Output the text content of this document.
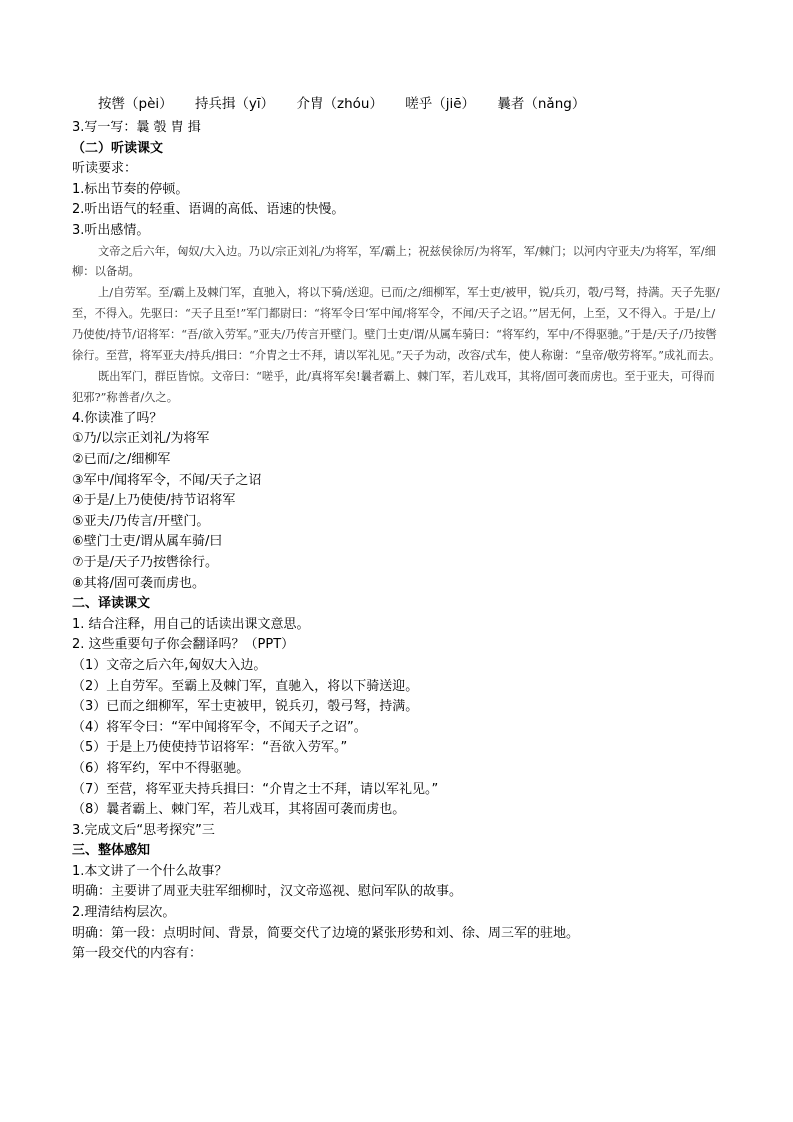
按辔（pèi） 持兵揖（yī） 介胄（zhóu） 嗟乎（jiē） 曩者（nǎng）
3.写一写：曩 彀 胄 揖
（二）听读课文
听读要求：
1.标出节奏的停顿。
2.听出语气的轻重、语调的高低、语速的快慢。
3.听出感情。

文帝之后六年，匈奴/大入边。乃以/宗正刘礼/为将军，军/霸上；祝兹侯徐厉/为将军，军/棘门；以河内守亚夫/为将军，军/细柳：以备胡。

上/自劳军。至/霸上及棘门军，直驰入，将以下骑/送迎。已而/之/细柳军，军士吏/被甲，锐/兵刃，彀/弓弩，持满。天子先驱/至，不得入。先驱曰：“天子且至!”军门都尉曰：“将军令曰‘军中闻/将军令，不闻/天子之诏。’”居无何，上至，又不得入。于是/上/乃使使/持节/诏将军：“吾/欲入劳军。”亚夫/乃传言开壁门。壁门士吏/谓/从属车骑曰：“将军约，军中/不得驱驰。”于是/天子/乃按辔徐行。至营，将军亚夫/持兵/揖曰：“介胄之士不拜，请以军礼见。”天子为动，改容/式车，使人称谢：“皇帝/敬劳将军。”成礼而去。

既出军门，群臣皆惊。文帝曰：“嗟乎，此/真将军矣!曩者霸上、棘门军，若儿戏耳，其将/固可袭而虏也。至于亚夫，可得而犯邪?”称善者/久之。

4.你读准了吗？
①乃/以宗正刘礼/为将军
②已而/之/细柳军
③军中/闻将军令，不闻/天子之诏
④于是/上乃使使/持节诏将军
⑤亚夫/乃传言/开壁门。
⑥壁门士吏/谓从属车骑/曰
⑦于是/天子乃按辔徐行。
⑧其将/固可袭而虏也。
二、译读课文
1. 结合注释，用自己的话读出课文意思。
2. 这些重要句子你会翻译吗？（PPT）
（1）文帝之后六年,匈奴大入边。
（2）上自劳军。至霸上及棘门军，直驰入，将以下骑送迎。
（3）已而之细柳军，军士吏被甲，锐兵刃，彀弓弩，持满。
（4）将军令曰：“军中闻将军令，不闻天子之诏”。
（5）于是上乃使使持节诏将军：“吾欲入劳军。”
（6）将军约，军中不得驱驰。
（7）至营，将军亚夫持兵揖曰：“介胄之士不拜，请以军礼见。”
（8）曩者霸上、棘门军，若儿戏耳，其将固可袭而虏也。
3.完成文后“思考探究”三
三、整体感知
1.本文讲了一个什么故事？
明确：主要讲了周亚夫驻军细柳时，汉文帝巡视、慰问军队的故事。
2.理清结构层次。
明确：第一段：点明时间、背景，简要交代了边境的紧张形势和刘、徐、周三军的驻地。
第一段交代的内容有：
